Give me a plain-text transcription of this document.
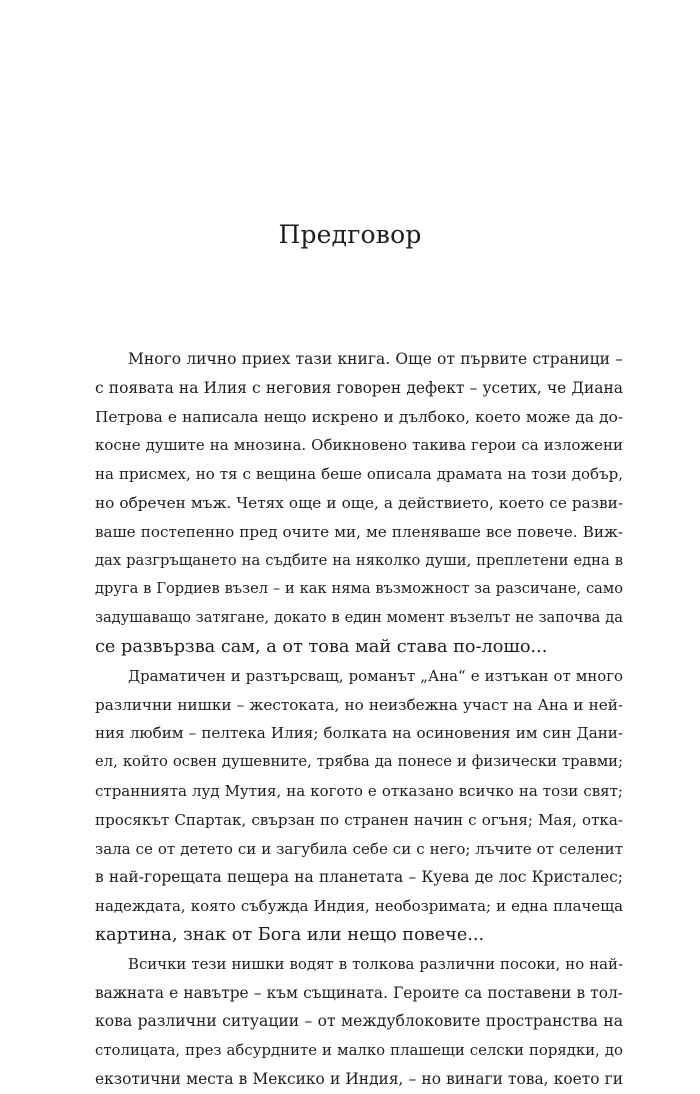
Предговор
Много лично приех тази книга. Още от първите страници –
с появата на Илия с неговия говорен дефект – усетих, че Диана
Петрова е написала нещо искрено и дълбоко, което може да до-
косне душите на мнозина. Обикновено такива герои са изложени
на присмех, но тя с вещина беше описала драмата на този добър,
но обречен мъж. Четях още и още, а действието, което се разви-
ваше постепенно пред очите ми, ме пленяваше все повече. Виж-
дах разгръщането на съдбите на няколко души, преплетени една в
друга в Гордиев възел – и как няма възможност за разсичане, само
задушаващо затягане, докато в един момент възелът не започва да
се развързва сам, а от това май става по-лошо...
Драматичен и разтърсващ, романът „Ана“ е изтъкан от много
различни нишки – жестоката, но неизбежна участ на Ана и ней-
ния любим – пелтека Илия; болката на осиновения им син Дани-
ел, който освен душевните, трябва да понесе и физически травми;
страннията луд Мутия, на когото е отказано всичко на този свят;
просякът Спартак, свързан по странен начин с огъня; Мая, отка-
зала се от детето си и загубила себе си с него; лъчите от селенит
в най-горещата пещера на планетата – Куева де лос Кристалес;
надеждата, която събужда Индия, необозримата; и една плачеща
картина, знак от Бога или нещо повече...
Всички тези нишки водят в толкова различни посоки, но най-
важната е навътре – към същината. Героите са поставени в тол-
кова различни ситуации – от междублоковите пространства на
столицата, през абсурдните и малко плашещи селски порядки, до
екзотични места в Мексико и Индия, – но винаги това, което ги
